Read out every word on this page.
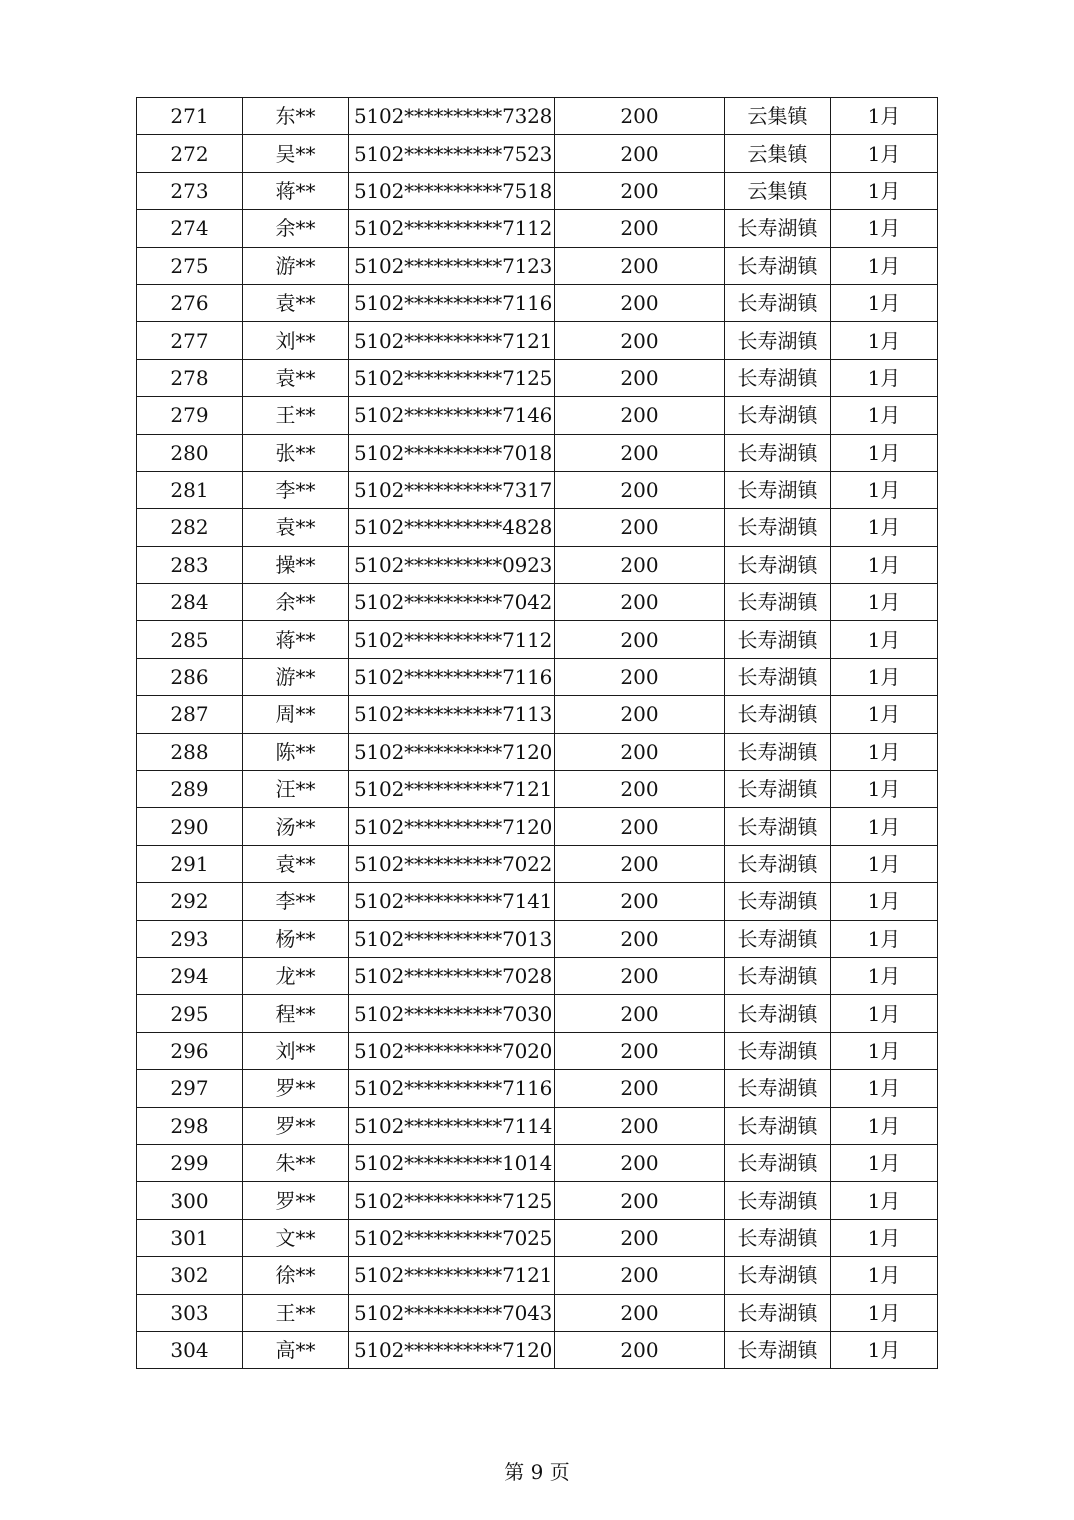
271	东**	5102**********7328	200	云集镇	1月
272	吴**	5102**********7523	200	云集镇	1月
273	蒋**	5102**********7518	200	云集镇	1月
274	余**	5102**********7112	200	长寿湖镇	1月
275	游**	5102**********7123	200	长寿湖镇	1月
276	袁**	5102**********7116	200	长寿湖镇	1月
277	刘**	5102**********7121	200	长寿湖镇	1月
278	袁**	5102**********7125	200	长寿湖镇	1月
279	王**	5102**********7146	200	长寿湖镇	1月
280	张**	5102**********7018	200	长寿湖镇	1月
281	李**	5102**********7317	200	长寿湖镇	1月
282	袁**	5102**********4828	200	长寿湖镇	1月
283	操**	5102**********0923	200	长寿湖镇	1月
284	余**	5102**********7042	200	长寿湖镇	1月
285	蒋**	5102**********7112	200	长寿湖镇	1月
286	游**	5102**********7116	200	长寿湖镇	1月
287	周**	5102**********7113	200	长寿湖镇	1月
288	陈**	5102**********7120	200	长寿湖镇	1月
289	汪**	5102**********7121	200	长寿湖镇	1月
290	汤**	5102**********7120	200	长寿湖镇	1月
291	袁**	5102**********7022	200	长寿湖镇	1月
292	李**	5102**********7141	200	长寿湖镇	1月
293	杨**	5102**********7013	200	长寿湖镇	1月
294	龙**	5102**********7028	200	长寿湖镇	1月
295	程**	5102**********7030	200	长寿湖镇	1月
296	刘**	5102**********7020	200	长寿湖镇	1月
297	罗**	5102**********7116	200	长寿湖镇	1月
298	罗**	5102**********7114	200	长寿湖镇	1月
299	朱**	5102**********1014	200	长寿湖镇	1月
300	罗**	5102**********7125	200	长寿湖镇	1月
301	文**	5102**********7025	200	长寿湖镇	1月
302	徐**	5102**********7121	200	长寿湖镇	1月
303	王**	5102**********7043	200	长寿湖镇	1月
304	高**	5102**********7120	200	长寿湖镇	1月
第 9 页
